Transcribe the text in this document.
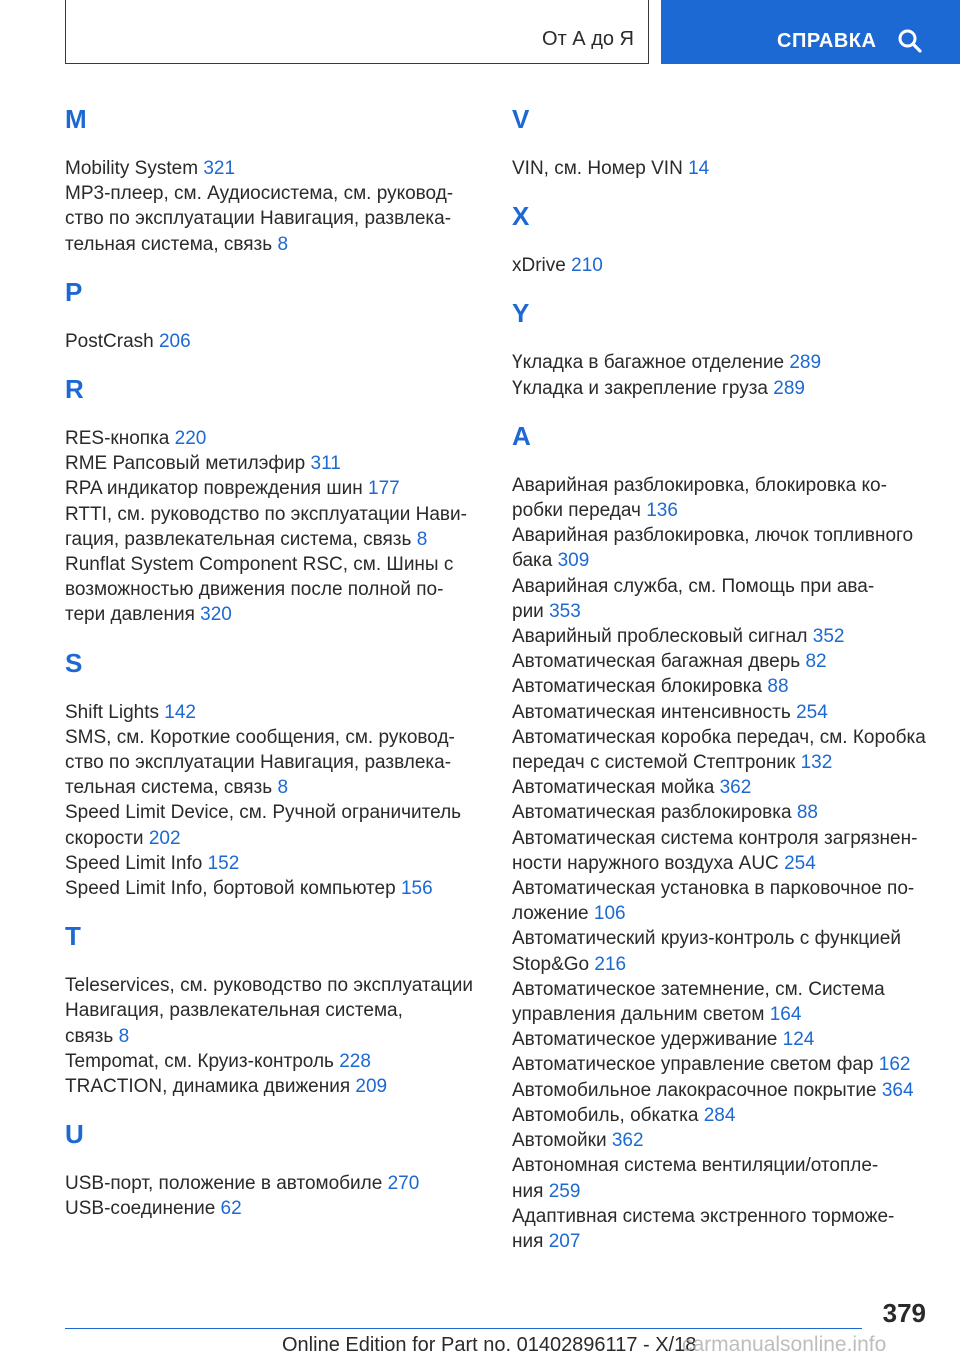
От А до Я	СПРАВКА
M
Mobility System 321
MP3-плеер, см. Аудиосистема, см. руковод-
ство по эксплуатации Навигация, развлека-
тельная система, связь 8
P
PostCrash 206
R
RES-кнопка 220
RME Рапсовый метилэфир 311
RPA индикатор повреждения шин 177
RTTI, см. руководство по эксплуатации Нави-
гация, развлекательная система, связь 8
Runflat System Component RSC, см. Шины с
возможностью движения после полной по-
тери давления 320
S
Shift Lights 142
SMS, см. Короткие сообщения, см. руковод-
ство по эксплуатации Навигация, развлека-
тельная система, связь 8
Speed Limit Device, см. Ручной ограничитель
скорости 202
Speed Limit Info 152
Speed Limit Info, бортовой компьютер 156
T
Teleservices, см. руководство по эксплуатации
Навигация, развлекательная система,
связь 8
Tempomat, см. Круиз-контроль 228
TRACTION, динамика движения 209
U
USB-порт, положение в автомобиле 270
USB-соединение 62
V
VIN, см. Номер VIN 14
X
xDrive 210
Y
Үкладка в багажное отделение 289
Үкладка и закрепление груза 289
А
Аварийная разблокировка, блокировка ко-
робки передач 136
Аварийная разблокировка, лючок топливного
бака 309
Аварийная служба, см. Помощь при ава-
рии 353
Аварийный проблесковый сигнал 352
Автоматическая багажная дверь 82
Автоматическая блокировка 88
Автоматическая интенсивность 254
Автоматическая коробка передач, см. Коробка
передач с системой Стептроник 132
Автоматическая мойка 362
Автоматическая разблокировка 88
Автоматическая система контроля загрязнен-
ности наружного воздуха AUC 254
Автоматическая установка в парковочное по-
ложение 106
Автоматический круиз-контроль с функцией
Stop&Go 216
Автоматическое затемнение, см. Система
управления дальним светом 164
Автоматическое удерживание 124
Автоматическое управление светом фар 162
Автомобильное лакокрасочное покрытие 364
Автомобиль, обкатка 284
Автомойки 362
Автономная система вентиляции/отопле-
ния 259
Адаптивная система экстренного торможе-
ния 207
379
Online Edition for Part no. 01402896117 - X/18
carmanualsonline.info
